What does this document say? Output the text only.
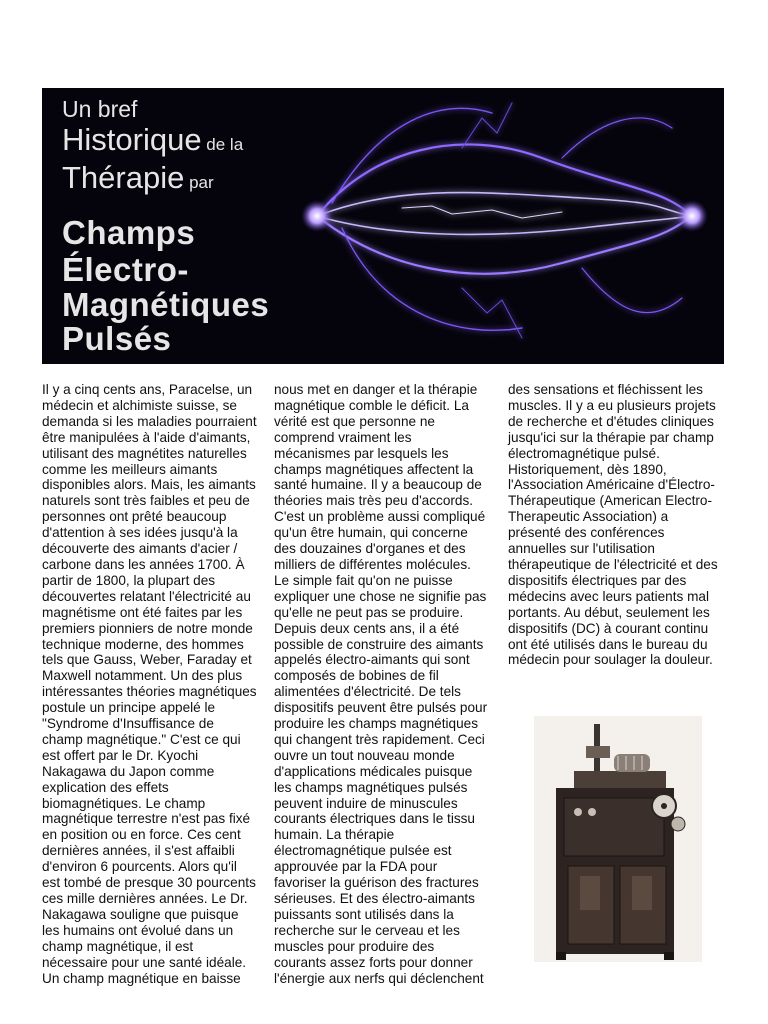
Un bref
Historique de la
Thérapie par
Champs
Électro-
Magnétiques
Pulsés

Il y a cinq cents ans, Paracelse, un
médecin et alchimiste suisse, se
demanda si les maladies pourraient
être manipulées à l'aide d'aimants,
utilisant des magnétites naturelles
comme les meilleurs aimants
disponibles alors. Mais, les aimants
naturels sont très faibles et peu de
personnes ont prêté beaucoup
d'attention à ses idées jusqu'à la
découverte des aimants d'acier /
carbone dans les années 1700. À
partir de 1800, la plupart des
découvertes relatant l'électricité au
magnétisme ont été faites par les
premiers pionniers de notre monde
technique moderne, des hommes
tels que Gauss, Weber, Faraday et
Maxwell notamment. Un des plus
intéressantes théories magnétiques
postule un principe appelé le
"Syndrome d'Insuffisance de
champ magnétique." C'est ce qui
est offert par le Dr. Kyochi
Nakagawa du Japon comme
explication des effets
biomagnétiques. Le champ
magnétique terrestre n'est pas fixé
en position ou en force. Ces cent
dernières années, il s'est affaibli
d'environ 6 pourcents. Alors qu'il
est tombé de presque 30 pourcents
ces mille dernières années. Le Dr.
Nakagawa souligne que puisque
les humains ont évolué dans un
champ magnétique, il est
nécessaire pour une santé idéale.
Un champ magnétique en baisse

nous met en danger et la thérapie
magnétique comble le déficit. La
vérité est que personne ne
comprend vraiment les
mécanismes par lesquels les
champs magnétiques affectent la
santé humaine. Il y a beaucoup de
théories mais très peu d'accords.
C'est un problème aussi compliqué
qu'un être humain, qui concerne
des douzaines d'organes et des
milliers de différentes molécules.
Le simple fait qu'on ne puisse
expliquer une chose ne signifie pas
qu'elle ne peut pas se produire.
Depuis deux cents ans, il a été
possible de construire des aimants
appelés électro-aimants qui sont
composés de bobines de fil
alimentées d'électricité. De tels
dispositifs peuvent être pulsés pour
produire les champs magnétiques
qui changent très rapidement. Ceci
ouvre un tout nouveau monde
d'applications médicales puisque
les champs magnétiques pulsés
peuvent induire de minuscules
courants électriques dans le tissu
humain. La thérapie
électromagnétique pulsée est
approuvée par la FDA pour
favoriser la guérison des fractures
sérieuses. Et des électro-aimants
puissants sont utilisés dans la
recherche sur le cerveau et les
muscles pour produire des
courants assez forts pour donner
l'énergie aux nerfs qui déclenchent

des sensations et fléchissent les
muscles. Il y a eu plusieurs projets
de recherche et d'études cliniques
jusqu'ici sur la thérapie par champ
électromagnétique pulsé.
Historiquement, dès 1890,
l'Association Américaine d'Électro-
Thérapeutique (American Electro-
Therapeutic Association) a
présenté des conférences
annuelles sur l'utilisation
thérapeutique de l'électricité et des
dispositifs électriques par des
médecins avec leurs patients mal
portants. Au début, seulement les
dispositifs (DC) à courant continu
ont été utilisés dans le bureau du
médecin pour soulager la douleur.
